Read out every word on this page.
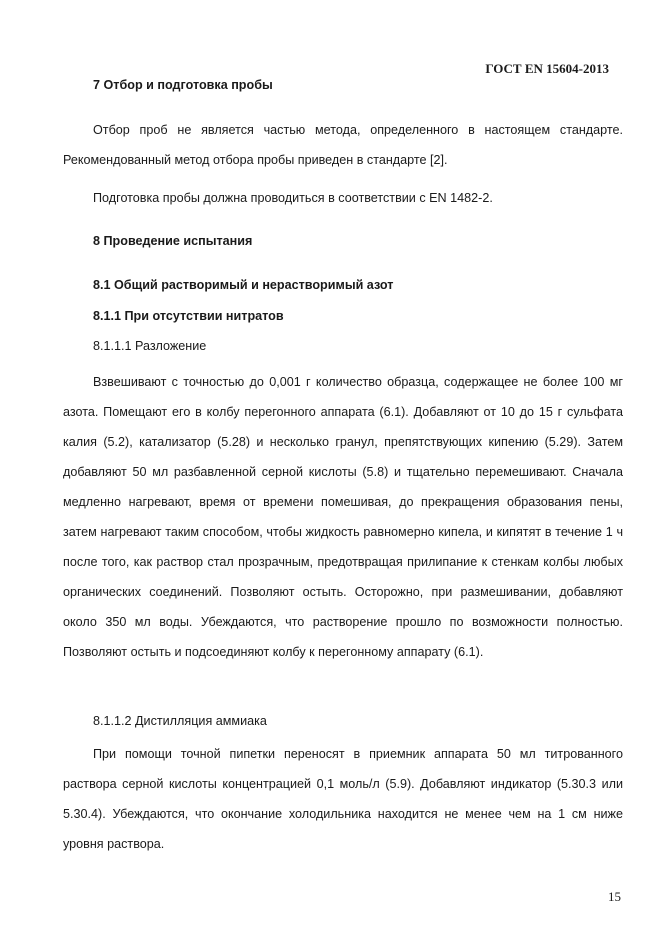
ГОСТ EN 15604-2013
7 Отбор и подготовка пробы
Отбор проб не является частью метода, определенного в настоящем стандарте. Рекомендованный метод отбора пробы приведен в стандарте [2].
Подготовка пробы должна проводиться в соответствии с EN 1482-2.
8 Проведение испытания
8.1 Общий растворимый и нерастворимый азот
8.1.1 При отсутствии нитратов
8.1.1.1 Разложение
Взвешивают с точностью до 0,001 г количество образца, содержащее не более 100 мг азота. Помещают его в колбу перегонного аппарата (6.1). Добавляют от 10 до 15 г сульфата калия (5.2), катализатор (5.28) и несколько гранул, препятствующих кипению (5.29). Затем добавляют 50 мл разбавленной серной кислоты (5.8) и тщательно перемешивают. Сначала медленно нагревают, время от времени помешивая, до прекращения образования пены, затем нагревают таким способом, чтобы жидкость равномерно кипела, и кипятят в течение 1 ч после того, как раствор стал прозрачным, предотвращая прилипание к стенкам колбы любых органических соединений. Позволяют остыть. Осторожно, при размешивании, добавляют около 350 мл воды. Убеждаются, что растворение прошло по возможности полностью. Позволяют остыть и подсоединяют колбу к перегонному аппарату (6.1).
8.1.1.2 Дистилляция аммиака
При помощи точной пипетки переносят в приемник аппарата 50 мл титрованного раствора серной кислоты концентрацией 0,1 моль/л (5.9). Добавляют индикатор (5.30.3 или 5.30.4). Убеждаются, что окончание холодильника находится не менее чем на 1 см ниже уровня раствора.
15
